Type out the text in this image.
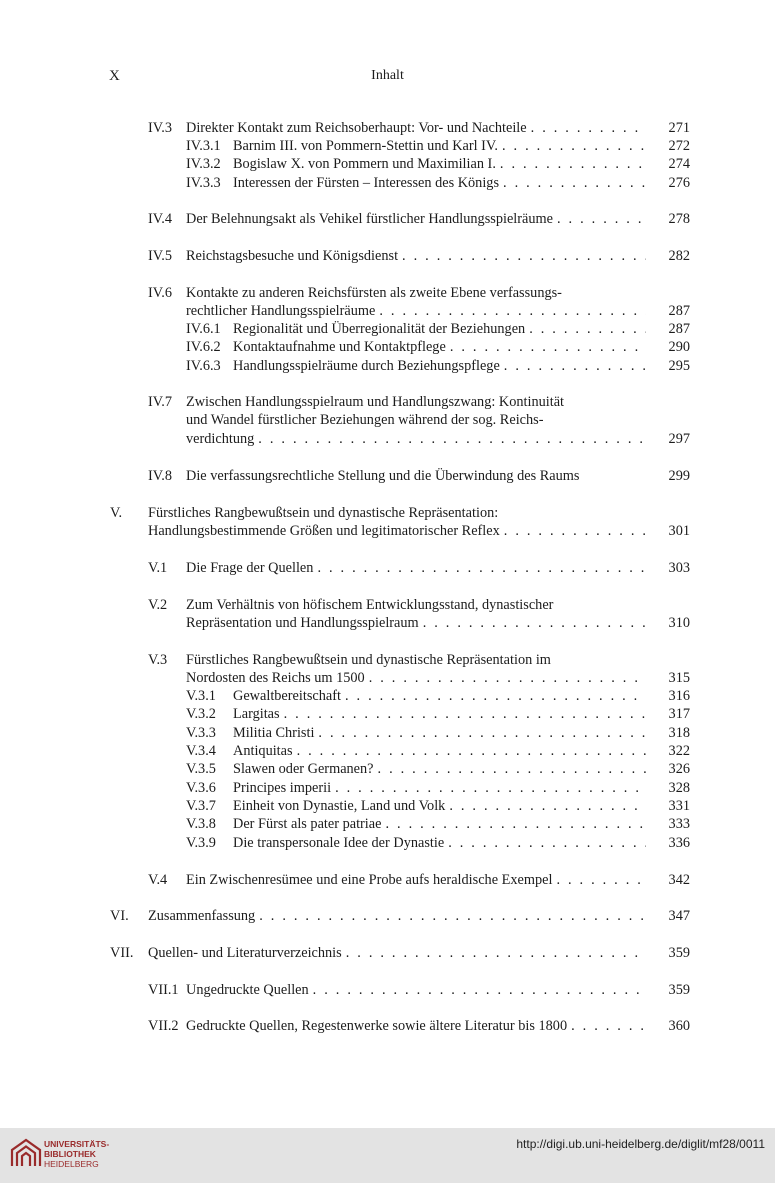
X	Inhalt
IV.3 Direkter Kontakt zum Reichsoberhaupt: Vor- und Nachteile . . .	271
IV.3.1 Barnim III. von Pommern-Stettin und Karl IV. . . .	272
IV.3.2 Bogislaw X. von Pommern und Maximilian I. . . .	274
IV.3.3 Interessen der Fürsten – Interessen des Königs . . .	276
IV.4 Der Belehnungsakt als Vehikel fürstlicher Handlungsspielräume . . .	278
IV.5 Reichstagsbesuche und Königsdienst . . .	282
IV.6 Kontakte zu anderen Reichsfürsten als zweite Ebene verfassungs-
rechtlicher Handlungsspielräume . . .	287
IV.6.1 Regionalität und Überregionalität der Beziehungen . . .	287
IV.6.2 Kontaktaufnahme und Kontaktpflege . . .	290
IV.6.3 Handlungsspielräume durch Beziehungspflege . . .	295
IV.7 Zwischen Handlungsspielraum und Handlungszwang: Kontinuität
und Wandel fürstlicher Beziehungen während der sog. Reichs-
verdichtung . . .	297
IV.8 Die verfassungsrechtliche Stellung und die Überwindung des Raums	299
V. Fürstliches Rangbewußtsein und dynastische Repräsentation:
Handlungsbestimmende Größen und legitimatorischer Reflex . . .	301
V.1 Die Frage der Quellen . . .	303
V.2 Zum Verhältnis von höfischem Entwicklungsstand, dynastischer
Repräsentation und Handlungsspielraum . . .	310
V.3 Fürstliches Rangbewußtsein und dynastische Repräsentation im
Nordosten des Reichs um 1500 . . .	315
V.3.1 Gewaltbereitschaft . . .	316
V.3.2 Largitas . . .	317
V.3.3 Militia Christi . . .	318
V.3.4 Antiquitas . . .	322
V.3.5 Slawen oder Germanen? . . .	326
V.3.6 Principes imperii . . .	328
V.3.7 Einheit von Dynastie, Land und Volk . . .	331
V.3.8 Der Fürst als pater patriae . . .	333
V.3.9 Die transpersonale Idee der Dynastie . . .	336
V.4 Ein Zwischenresümee und eine Probe aufs heraldische Exempel . . .	342
VI. Zusammenfassung . . .	347
VII. Quellen- und Literaturverzeichnis . . .	359
VII.1 Ungedruckte Quellen . . .	359
VII.2 Gedruckte Quellen, Regestenwerke sowie ältere Literatur bis 1800 . . .	360
UNIVERSITÄTS-
BIBLIOTHEK
HEIDELBERG
http://digi.ub.uni-heidelberg.de/diglit/mf28/0011
